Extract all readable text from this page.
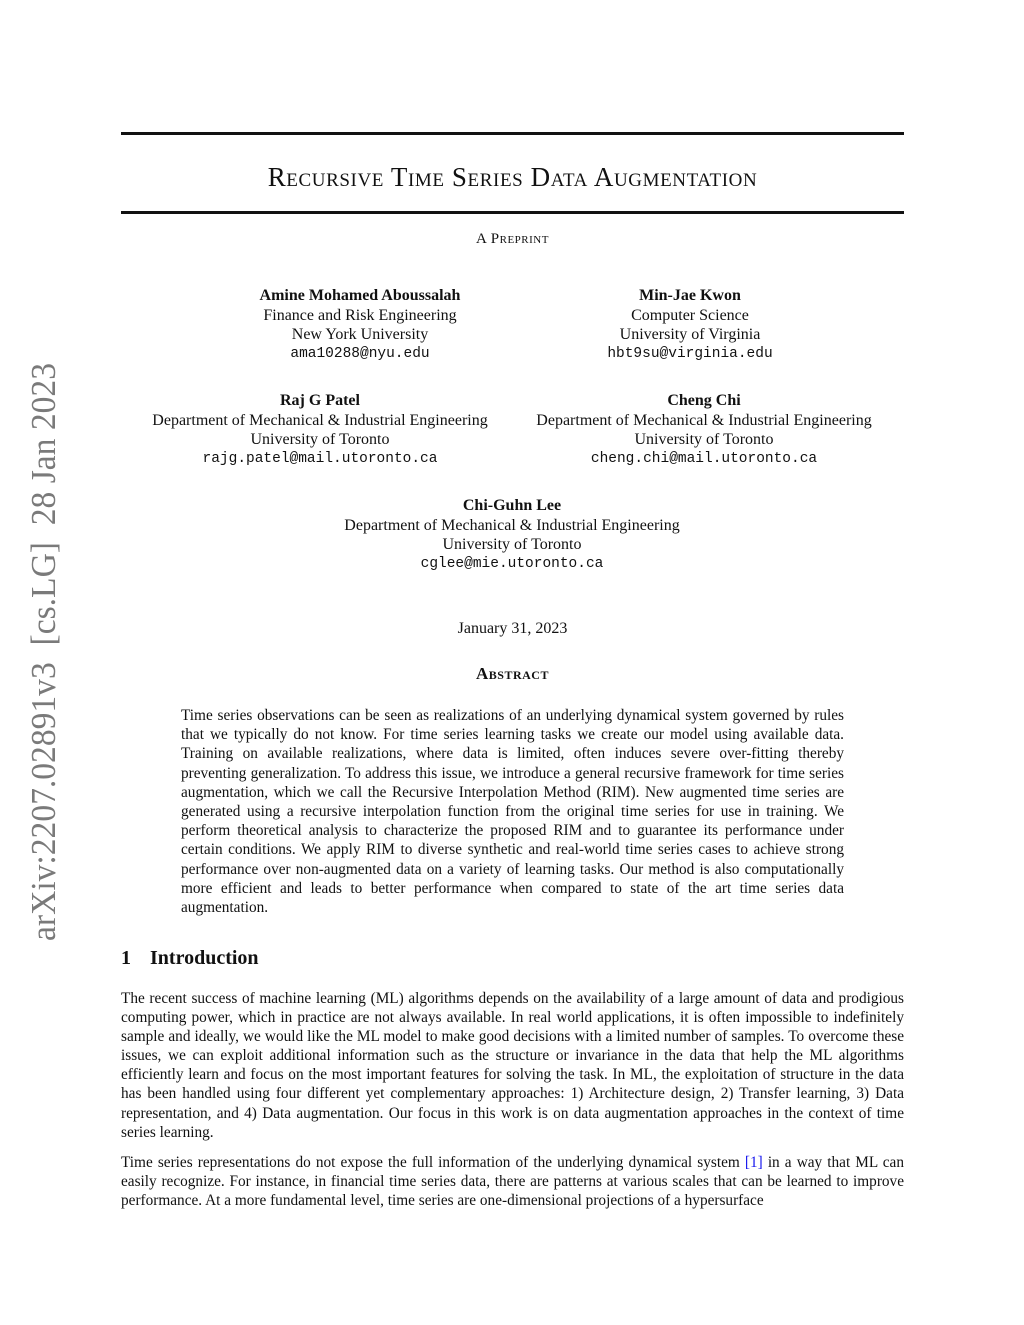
arXiv:2207.02891v3  [cs.LG]  28 Jan 2023
Recursive Time Series Data Augmentation
A Preprint
Amine Mohamed Aboussalah
Finance and Risk Engineering
New York University
ama10288@nyu.edu
Min-Jae Kwon
Computer Science
University of Virginia
hbt9su@virginia.edu
Raj G Patel
Department of Mechanical & Industrial Engineering
University of Toronto
rajg.patel@mail.utoronto.ca
Cheng Chi
Department of Mechanical & Industrial Engineering
University of Toronto
cheng.chi@mail.utoronto.ca
Chi-Guhn Lee
Department of Mechanical & Industrial Engineering
University of Toronto
cglee@mie.utoronto.ca
January 31, 2023
Abstract
Time series observations can be seen as realizations of an underlying dynamical system governed by rules that we typically do not know. For time series learning tasks we create our model using available data. Training on available realizations, where data is limited, often induces severe over-fitting thereby preventing generalization. To address this issue, we introduce a general recursive framework for time series augmentation, which we call the Recursive Interpolation Method (RIM). New augmented time series are generated using a recursive interpolation function from the original time series for use in training. We perform theoretical analysis to characterize the proposed RIM and to guarantee its performance under certain conditions. We apply RIM to diverse synthetic and real-world time series cases to achieve strong performance over non-augmented data on a variety of learning tasks. Our method is also computationally more efficient and leads to better performance when compared to state of the art time series data augmentation.
1 Introduction
The recent success of machine learning (ML) algorithms depends on the availability of a large amount of data and prodigious computing power, which in practice are not always available. In real world applications, it is often impossible to indefinitely sample and ideally, we would like the ML model to make good decisions with a limited number of samples. To overcome these issues, we can exploit additional information such as the structure or invariance in the data that help the ML algorithms efficiently learn and focus on the most important features for solving the task. In ML, the exploitation of structure in the data has been handled using four different yet complementary approaches: 1) Architecture design, 2) Transfer learning, 3) Data representation, and 4) Data augmentation. Our focus in this work is on data augmentation approaches in the context of time series learning.
Time series representations do not expose the full information of the underlying dynamical system [1] in a way that ML can easily recognize. For instance, in financial time series data, there are patterns at various scales that can be learned to improve performance. At a more fundamental level, time series are one-dimensional projections of a hypersurface
